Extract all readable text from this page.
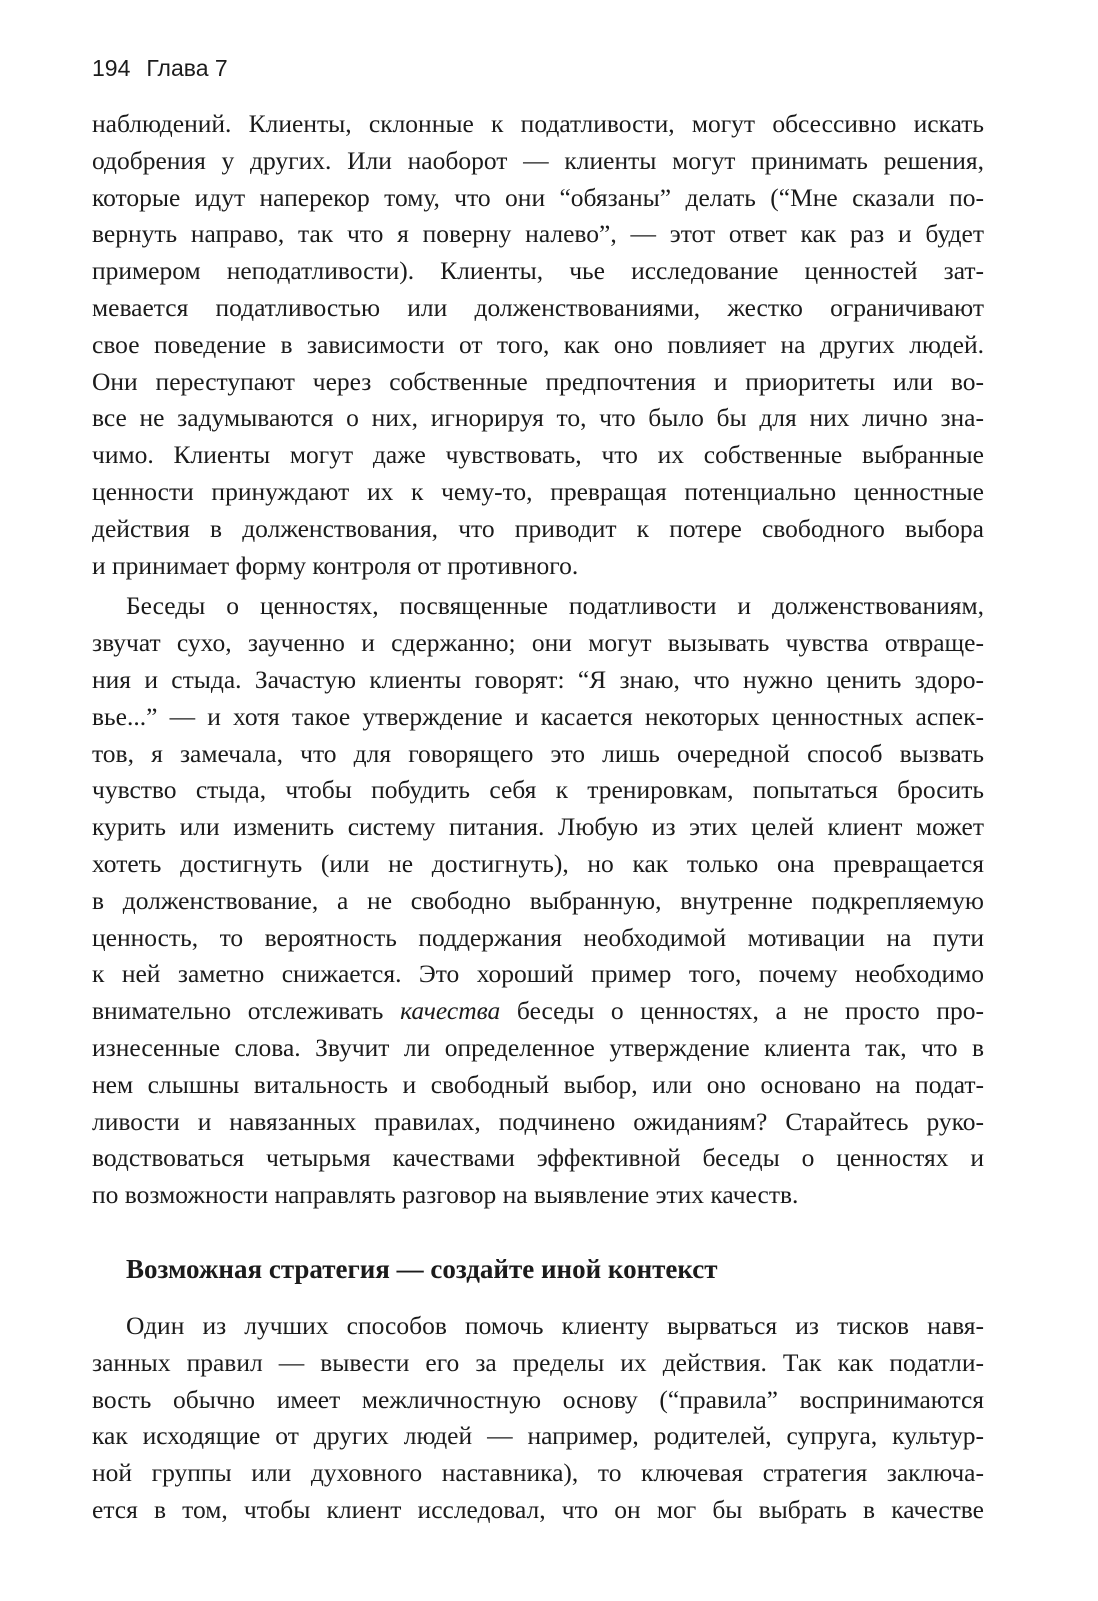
194 Глава 7

наблюдений. Клиенты, склонные к податливости, могут обсессивно искать
одобрения у других. Или наоборот — клиенты могут принимать решения,
которые идут наперекор тому, что они “обязаны” делать (“Мне сказали по-
вернуть направо, так что я поверну налево”, — этот ответ как раз и будет
примером неподатливости). Клиенты, чье исследование ценностей зат-
мевается податливостью или долженствованиями, жестко ограничивают
свое поведение в зависимости от того, как оно повлияет на других людей.
Они переступают через собственные предпочтения и приоритеты или во-
все не задумываются о них, игнорируя то, что было бы для них лично зна-
чимо. Клиенты могут даже чувствовать, что их собственные выбранные
ценности принуждают их к чему-то, превращая потенциально ценностные
действия в долженствования, что приводит к потере свободного выбора
и принимает форму контроля от противного.

Беседы о ценностях, посвященные податливости и долженствованиям,
звучат сухо, заученно и сдержанно; они могут вызывать чувства отвраще-
ния и стыда. Зачастую клиенты говорят: “Я знаю, что нужно ценить здоро-
вье...” — и хотя такое утверждение и касается некоторых ценностных аспек-
тов, я замечала, что для говорящего это лишь очередной способ вызвать
чувство стыда, чтобы побудить себя к тренировкам, попытаться бросить
курить или изменить систему питания. Любую из этих целей клиент может
хотеть достигнуть (или не достигнуть), но как только она превращается
в долженствование, а не свободно выбранную, внутренне подкрепляемую
ценность, то вероятность поддержания необходимой мотивации на пути
к ней заметно снижается. Это хороший пример того, почему необходимо
внимательно отслеживать качества беседы о ценностях, а не просто про-
изнесенные слова. Звучит ли определенное утверждение клиента так, что в
нем слышны витальность и свободный выбор, или оно основано на подат-
ливости и навязанных правилах, подчинено ожиданиям? Старайтесь руко-
водствоваться четырьмя качествами эффективной беседы о ценностях и
по возможности направлять разговор на выявление этих качеств.

Возможная стратегия — создайте иной контекст

Один из лучших способов помочь клиенту вырваться из тисков навя-
занных правил — вывести его за пределы их действия. Так как податли-
вость обычно имеет межличностную основу (“правила” воспринимаются
как исходящие от других людей — например, родителей, супруга, культур-
ной группы или духовного наставника), то ключевая стратегия заключа-
ется в том, чтобы клиент исследовал, что он мог бы выбрать в качестве
